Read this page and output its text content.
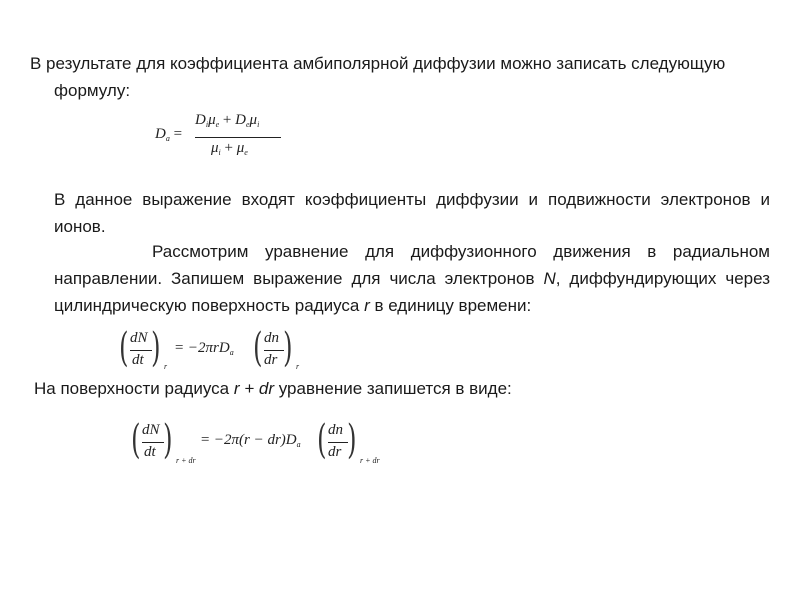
В результате для коэффициента амбиполярной диффузии можно записать следующую
формулу:
$D_a$ =
$D_i\mu_e + D_e\mu_i$
$\mu_i + \mu_e$
В данное выражение входят коэффициенты диффузии и подвижности электронов и ионов.
Рассмотрим уравнение для диффузионного движения в радиальном
направлении. Запишем выражение для числа электронов N, диффундирующих через цилиндрическую поверхность радиуса r в единицу времени:
( dN
dt ) r
= −2πrD$_a$ ( dn
dr ) r
На поверхности радиуса r + dr уравнение запишется в виде:
( dN
dt ) r + dr
= $-2\pi(r - dr)D_a$ ( dn
dr ) r + dr
